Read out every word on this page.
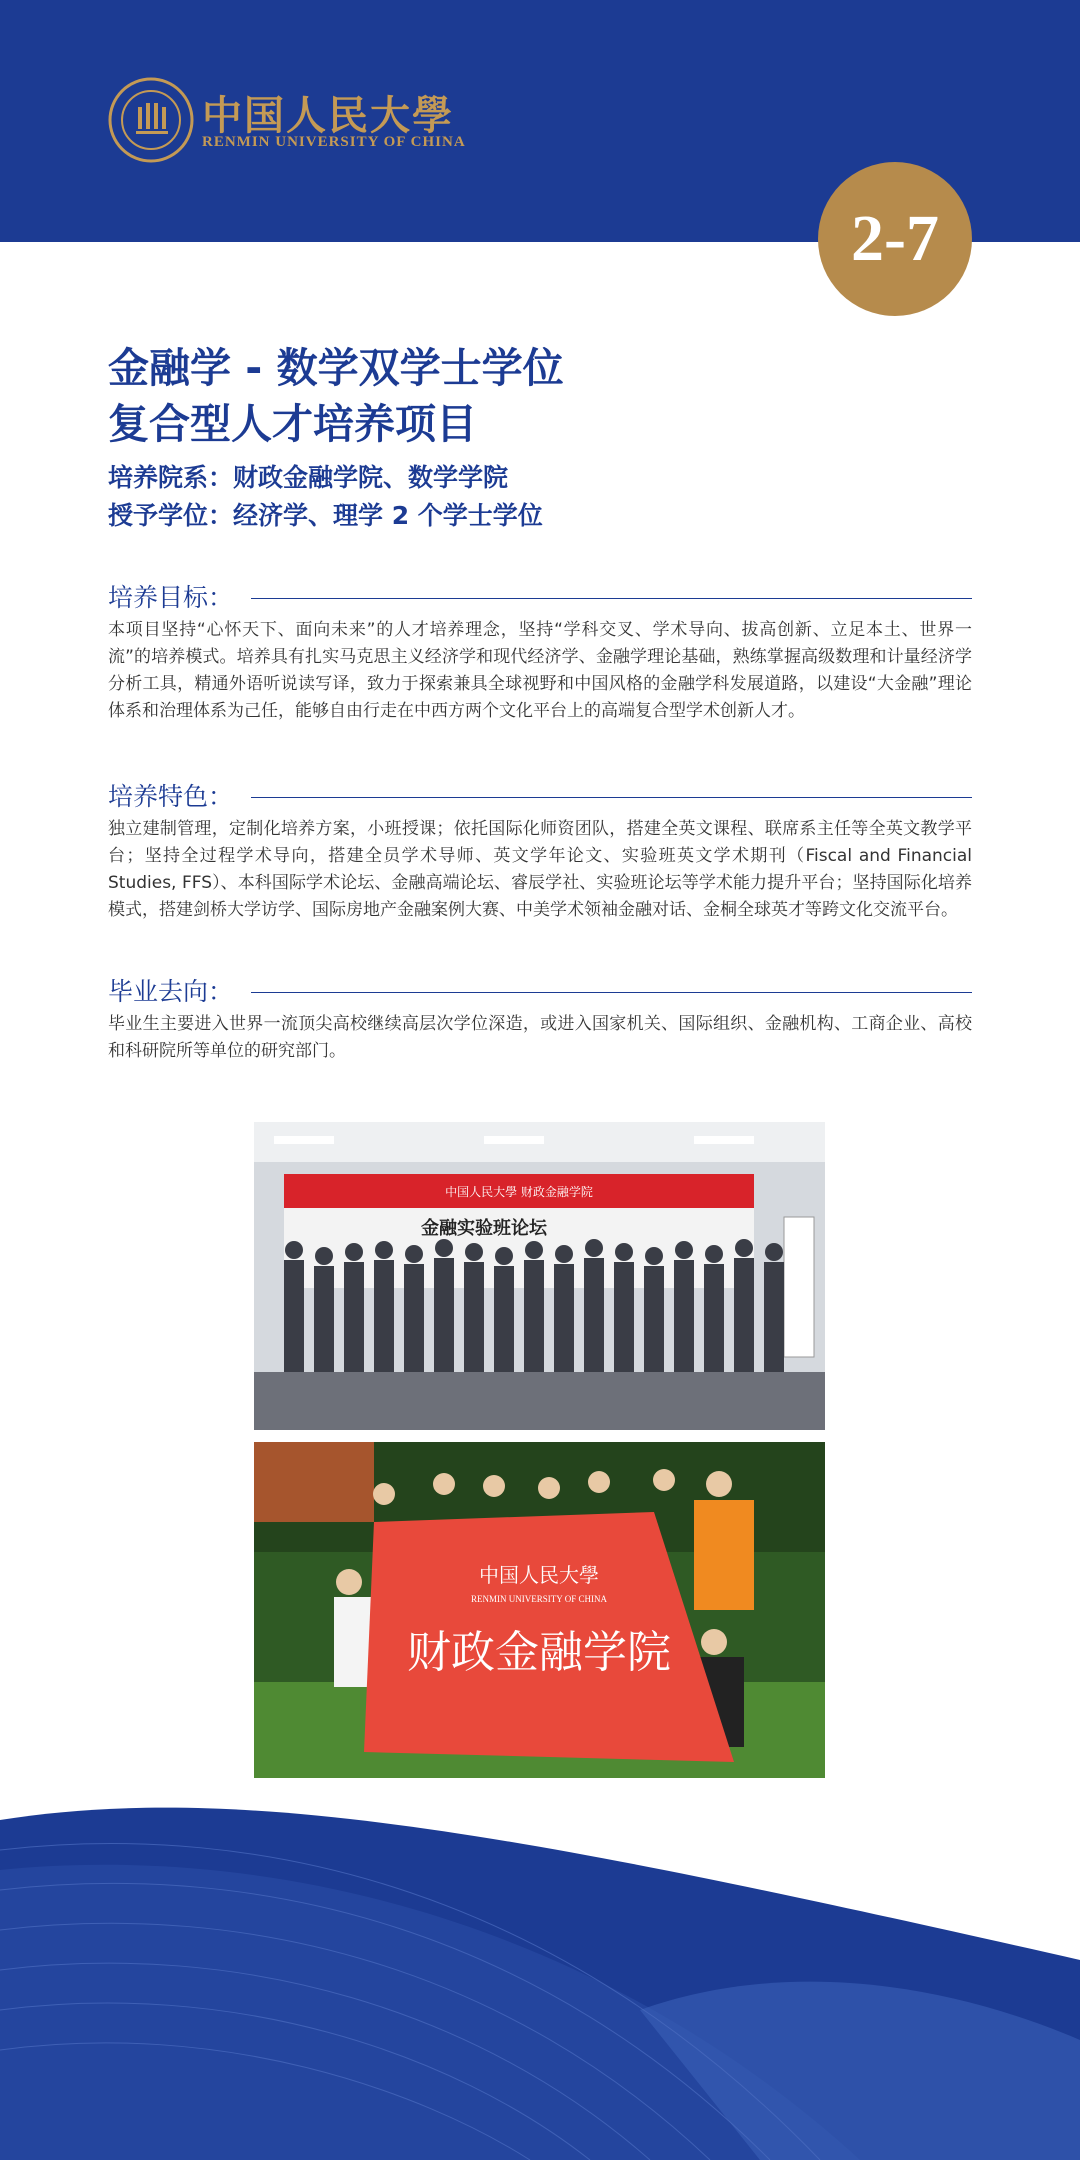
中国人民大學
RENMIN UNIVERSITY OF CHINA
2-7
金融学 - 数学双学士学位
复合型人才培养项目
培养院系：财政金融学院、数学学院
授予学位：经济学、理学 2 个学士学位
培养目标：
本项目坚持“心怀天下、面向未来”的人才培养理念，坚持“学科交叉、学术导向、拔高创新、立足本土、世界一流”的培养模式。培养具有扎实马克思主义经济学和现代经济学、金融学理论基础，熟练掌握高级数理和计量经济学分析工具，精通外语听说读写译，致力于探索兼具全球视野和中国风格的金融学科发展道路，以建设“大金融”理论体系和治理体系为己任，能够自由行走在中西方两个文化平台上的高端复合型学术创新人才。
培养特色：
独立建制管理，定制化培养方案，小班授课；依托国际化师资团队，搭建全英文课程、联席系主任等全英文教学平台；坚持全过程学术导向，搭建全员学术导师、英文学年论文、实验班英文学术期刊（Fiscal and Financial Studies, FFS）、本科国际学术论坛、金融高端论坛、睿辰学社、实验班论坛等学术能力提升平台；坚持国际化培养模式，搭建剑桥大学访学、国际房地产金融案例大赛、中美学术领袖金融对话、金桐全球英才等跨文化交流平台。
毕业去向：
毕业生主要进入世界一流顶尖高校继续高层次学位深造，或进入国家机关、国际组织、金融机构、工商企业、高校和科研院所等单位的研究部门。
中国人民大學 财政金融学院
金融实验班论坛
中国人民大學
RENMIN UNIVERSITY OF CHINA
财政金融学院
